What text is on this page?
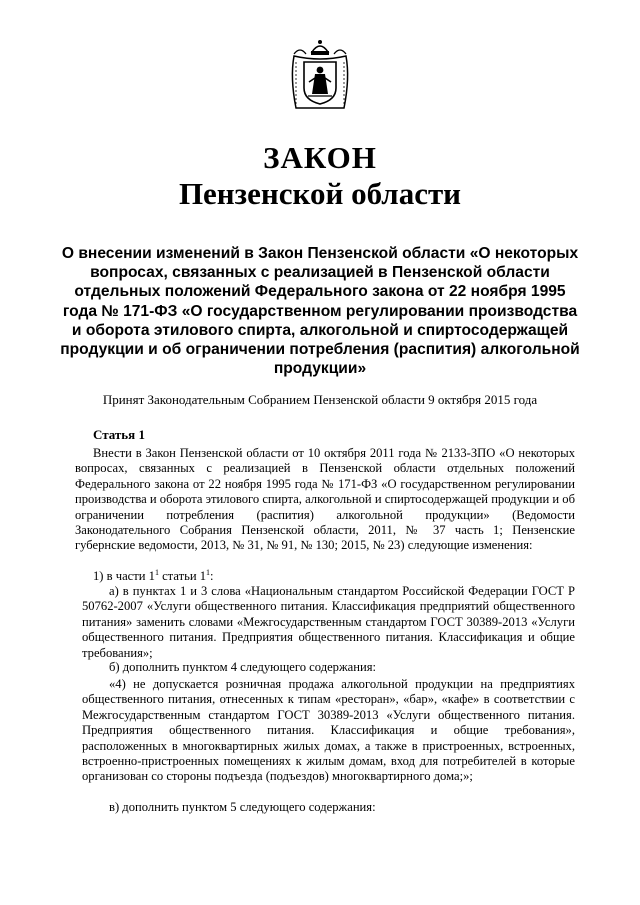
ЗАКОН
Пензенской области
О внесении изменений в Закон Пензенской области «О некоторых вопросах, связанных с реализацией в Пензенской области отдельных положений Федерального закона от 22 ноября 1995 года № 171-ФЗ «О государственном регулировании производства и оборота этилового спирта, алкогольной и спиртосодержащей продукции и об ограничении потребления (распития) алкогольной продукции»
Принят Законодательным Собранием Пензенской области 9 октября 2015 года
Статья 1

Внести в Закон Пензенской области от 10 октября 2011 года № 2133-ЗПО «О некоторых вопросах, связанных с реализацией в Пензенской области отдельных положений Федерального закона от 22 ноября 1995 года № 171-ФЗ «О государственном регулировании производства и оборота этилового спирта, алкогольной и спиртосодержащей продукции и об ограничении потребления (распития) алкогольной продукции» (Ведомости Законодательного Собрания Пензенской области, 2011, № 37 часть 1; Пензенские губернские ведомости, 2013, № 31, № 91, № 130; 2015, № 23) следующие изменения:

1) в части $1^1$ статьи $1^1$:

а) в пунктах 1 и 3 слова «Национальным стандартом Российской Федерации ГОСТ Р 50762-2007 «Услуги общественного питания. Классификация предприятий общественного питания» заменить словами «Межгосударственным стандартом ГОСТ 30389-2013 «Услуги общественного питания. Предприятия общественного питания. Классификация и общие требования»;

б) дополнить пунктом 4 следующего содержания:

«4) не допускается розничная продажа алкогольной продукции на предприятиях общественного питания, отнесенных к типам «ресторан», «бар», «кафе» в соответствии с Межгосударственным стандартом ГОСТ 30389-2013 «Услуги общественного питания. Предприятия общественного питания. Классификация и общие требования», расположенных в многоквартирных жилых домах, а также в пристроенных, встроенных, встроенно-пристроенных помещениях к жилым домам, вход для потребителей в которые организован со стороны подъезда (подъездов) многоквартирного дома;»;

в) дополнить пунктом 5 следующего содержания:
